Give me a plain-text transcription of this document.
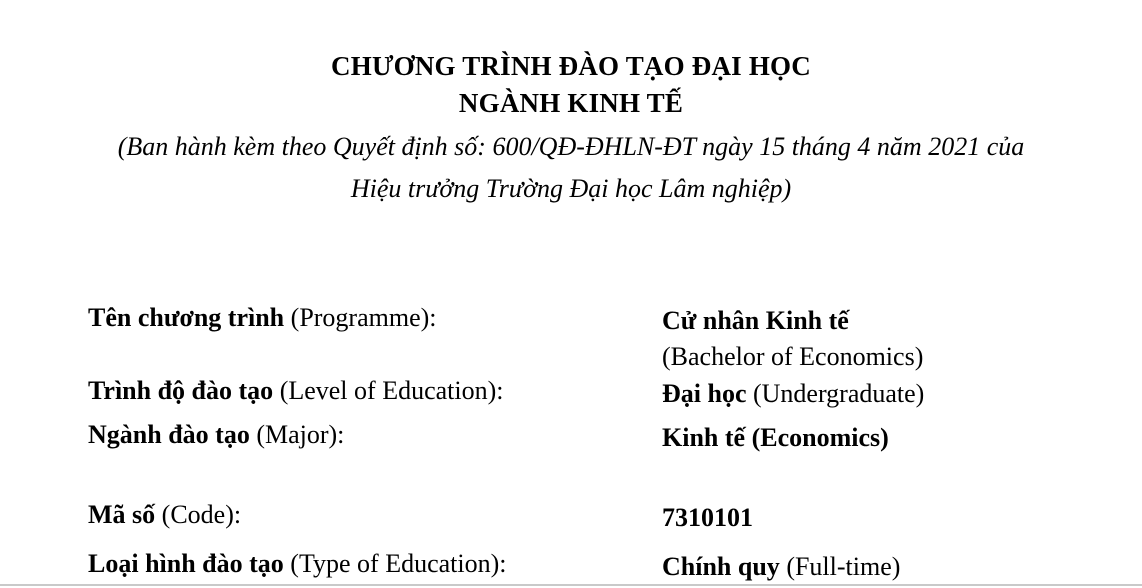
CHƯƠNG TRÌNH ĐÀO TẠO ĐẠI HỌC
NGÀNH KINH TẾ
(Ban hành kèm theo Quyết định số: 600/QĐ-ĐHLN-ĐT ngày 15 tháng 4 năm 2021 của
Hiệu trưởng Trường Đại học Lâm nghiệp)
Tên chương trình (Programme):	Cử nhân Kinh tế
(Bachelor of Economics)
Trình độ đào tạo (Level of Education):	Đại học (Undergraduate)
Ngành đào tạo (Major):	Kinh tế (Economics)
Mã số (Code):	7310101
Loại hình đào tạo (Type of Education):	Chính quy (Full-time)
